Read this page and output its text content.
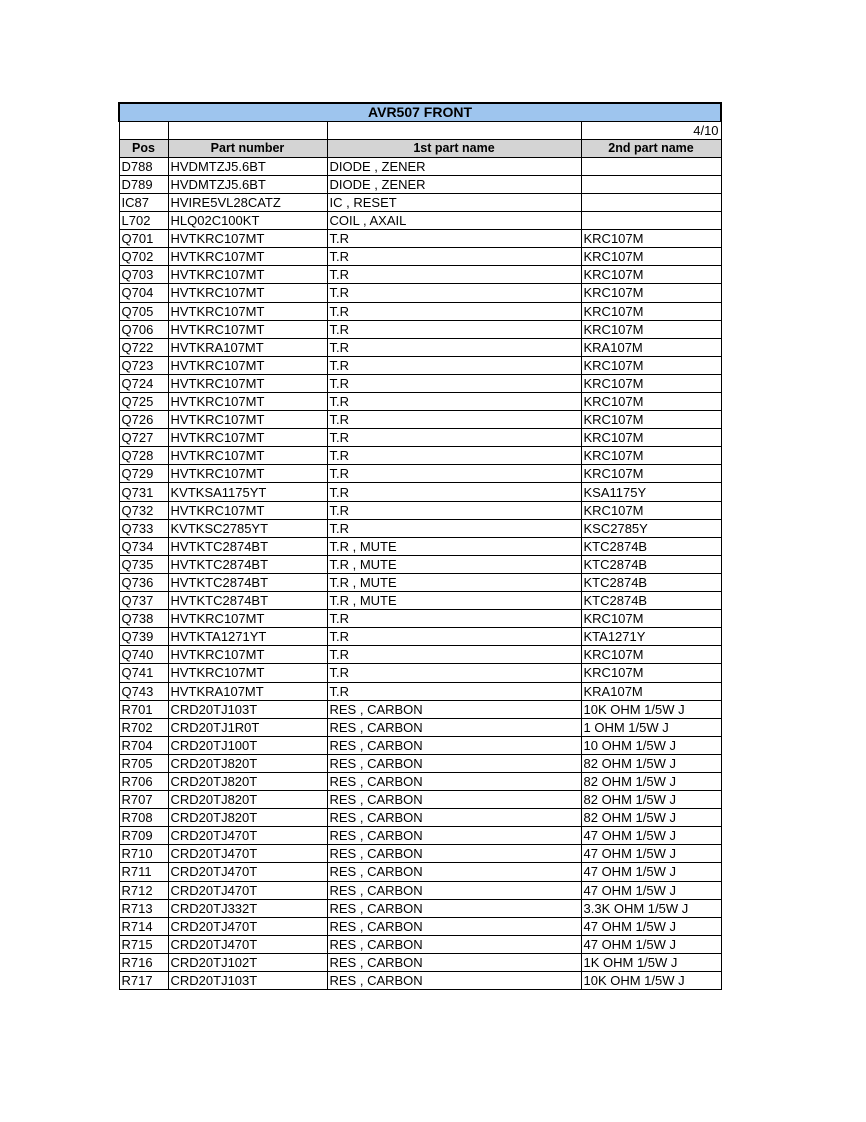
AVR507 FRONT			
			4/10
Pos	Part number	1st part name	2nd part name
D788	HVDMTZJ5.6BT	DIODE , ZENER	
D789	HVDMTZJ5.6BT	DIODE , ZENER	
IC87	HVIRE5VL28CATZ	IC , RESET	
L702	HLQ02C100KT	COIL , AXAIL	
Q701	HVTKRC107MT	T.R	KRC107M
Q702	HVTKRC107MT	T.R	KRC107M
Q703	HVTKRC107MT	T.R	KRC107M
Q704	HVTKRC107MT	T.R	KRC107M
Q705	HVTKRC107MT	T.R	KRC107M
Q706	HVTKRC107MT	T.R	KRC107M
Q722	HVTKRA107MT	T.R	KRA107M
Q723	HVTKRC107MT	T.R	KRC107M
Q724	HVTKRC107MT	T.R	KRC107M
Q725	HVTKRC107MT	T.R	KRC107M
Q726	HVTKRC107MT	T.R	KRC107M
Q727	HVTKRC107MT	T.R	KRC107M
Q728	HVTKRC107MT	T.R	KRC107M
Q729	HVTKRC107MT	T.R	KRC107M
Q731	KVTKSA1175YT	T.R	KSA1175Y
Q732	HVTKRC107MT	T.R	KRC107M
Q733	KVTKSC2785YT	T.R	KSC2785Y
Q734	HVTKTC2874BT	T.R , MUTE	KTC2874B
Q735	HVTKTC2874BT	T.R , MUTE	KTC2874B
Q736	HVTKTC2874BT	T.R , MUTE	KTC2874B
Q737	HVTKTC2874BT	T.R , MUTE	KTC2874B
Q738	HVTKRC107MT	T.R	KRC107M
Q739	HVTKTA1271YT	T.R	KTA1271Y
Q740	HVTKRC107MT	T.R	KRC107M
Q741	HVTKRC107MT	T.R	KRC107M
Q743	HVTKRA107MT	T.R	KRA107M
R701	CRD20TJ103T	RES , CARBON	10K OHM 1/5W J
R702	CRD20TJ1R0T	RES , CARBON	1 OHM 1/5W J
R704	CRD20TJ100T	RES , CARBON	10 OHM 1/5W J
R705	CRD20TJ820T	RES , CARBON	82 OHM 1/5W J
R706	CRD20TJ820T	RES , CARBON	82 OHM 1/5W J
R707	CRD20TJ820T	RES , CARBON	82 OHM 1/5W J
R708	CRD20TJ820T	RES , CARBON	82 OHM 1/5W J
R709	CRD20TJ470T	RES , CARBON	47 OHM 1/5W J
R710	CRD20TJ470T	RES , CARBON	47 OHM 1/5W J
R711	CRD20TJ470T	RES , CARBON	47 OHM 1/5W J
R712	CRD20TJ470T	RES , CARBON	47 OHM 1/5W J
R713	CRD20TJ332T	RES , CARBON	3.3K OHM 1/5W J
R714	CRD20TJ470T	RES , CARBON	47 OHM 1/5W J
R715	CRD20TJ470T	RES , CARBON	47 OHM 1/5W J
R716	CRD20TJ102T	RES , CARBON	1K OHM 1/5W J
R717	CRD20TJ103T	RES , CARBON	10K OHM 1/5W J
